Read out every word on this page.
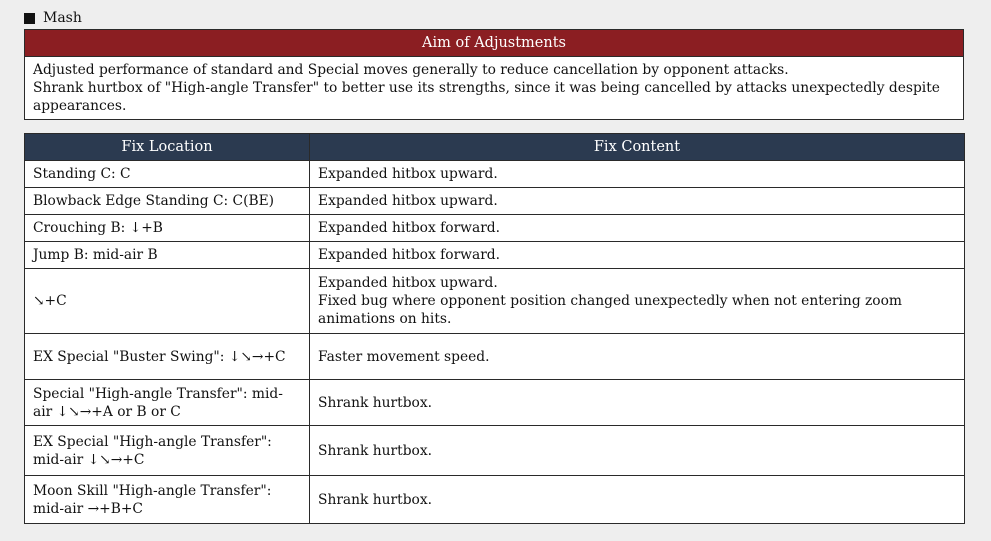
Mash
Aim of Adjustments
Adjusted performance of standard and Special moves generally to reduce cancellation by opponent attacks.
Shrank hurtbox of "High-angle Transfer" to better use its strengths, since it was being cancelled by attacks unexpectedly despite appearances.
Fix Location	Fix Content
Standing C: C	Expanded hitbox upward.

Blowback Edge Standing C: C(BE)	Expanded hitbox upward.

Crouching B: ↓+B	Expanded hitbox forward.

Jump B: mid-air B	Expanded hitbox forward.

↘+C	Expanded hitbox upward.
Fixed bug where opponent position changed unexpectedly when not entering zoom animations on hits.

EX Special "Buster Swing": ↓↘→+C	Faster movement speed.

Special "High-angle Transfer": mid-air ↓↘→+A or B or C	Shrank hurtbox.

EX Special "High-angle Transfer": mid-air ↓↘→+C	Shrank hurtbox.

Moon Skill "High-angle Transfer": mid-air →+B+C	Shrank hurtbox.
